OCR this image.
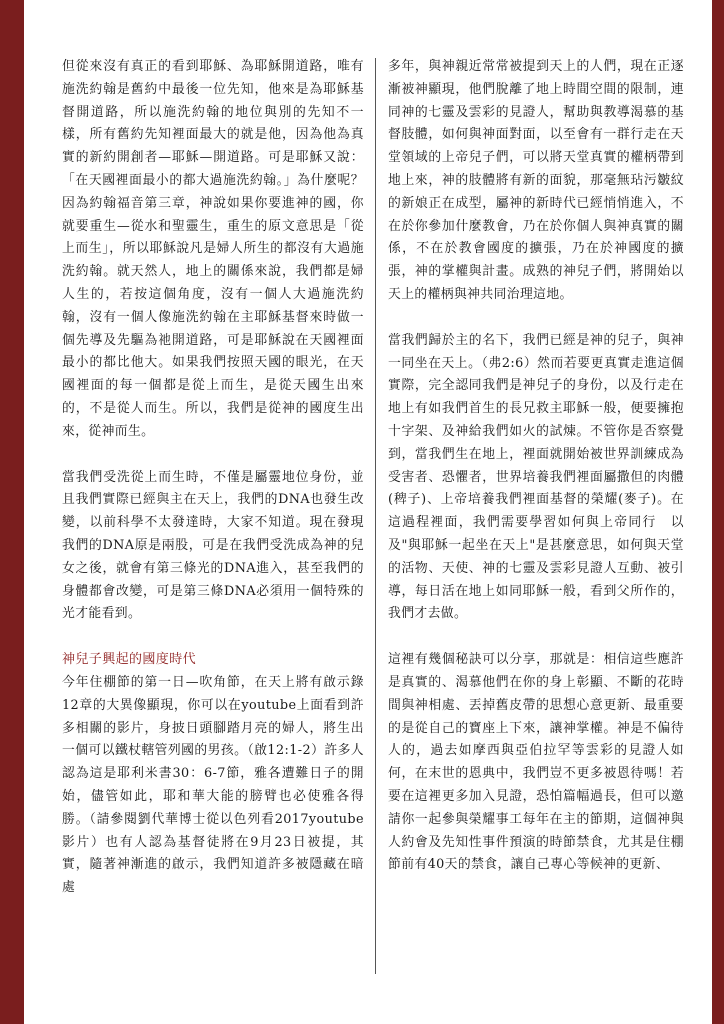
但從來沒有真正的看到耶穌、為耶穌開道路，唯有施洗約翰是舊約中最後一位先知，他來是為耶穌基督開道路，所以施洗約翰的地位與別的先知不一樣，所有舊約先知裡面最大的就是他，因為他為真實的新約開創者—耶穌—開道路。可是耶穌又說：「在天國裡面最小的都大過施洗約翰。」為什麼呢？因為約翰福音第三章，神說如果你要進神的國，你就要重生—從水和聖靈生，重生的原文意思是「從上而生」，所以耶穌說凡是婦人所生的都沒有大過施洗約翰。就天然人，地上的關係來說，我們都是婦人生的，若按這個角度，沒有一個人大過施洗約翰，沒有一個人像施洗約翰在主耶穌基督來時做一個先導及先驅為祂開道路，可是耶穌說在天國裡面最小的都比他大。如果我們按照天國的眼光，在天國裡面的每一個都是從上而生，是從天國生出來的，不是從人而生。所以，我們是從神的國度生出來，從神而生。

當我們受洗從上而生時，不僅是屬靈地位身份，並且我們實際已經與主在天上，我們的DNA也發生改變，以前科學不太發達時，大家不知道。現在發現我們的DNA原是兩股，可是在我們受洗成為神的兒女之後，就會有第三條光的DNA進入，甚至我們的身體都會改變，可是第三條DNA必須用一個特殊的光才能看到。

神兒子興起的國度時代

今年住棚節的第一日—吹角節，在天上將有啟示錄12章的大異像顯現，你可以在youtube上面看到許多相關的影片，身披日頭腳踏月亮的婦人，將生出一個可以鐵杖轄管列國的男孩。（啟12:1-2）許多人認為這是耶利米書30：6-7節，雅各遭難日子的開始，儘管如此，耶和華大能的膀臂也必使雅各得勝。（請參閱劉代華博士從以色列看2017youtube影片）也有人認為基督徒將在9月23日被提，其實，隨著神漸進的啟示，我們知道許多被隱藏在暗處

多年，與神親近常常被提到天上的人們，現在正逐漸被神顯現，他們脫離了地上時間空間的限制，連同神的七靈及雲彩的見證人，幫助與教導渴慕的基督肢體，如何與神面對面，以至會有一群行走在天堂領域的上帝兒子們，可以將天堂真實的權柄帶到地上來，神的肢體將有新的面貌，那毫無玷污皺紋的新娘正在成型，屬神的新時代已經悄悄進入，不在於你參加什麼教會，乃在於你個人與神真實的關係，不在於教會國度的擴張，乃在於神國度的擴張，神的掌權與計畫。成熟的神兒子們，將開始以天上的權柄與神共同治理這地。

當我們歸於主的名下，我們已經是神的兒子，與神一同坐在天上。（弗2:6）然而若要更真實走進這個實際，完全認同我們是神兒子的身份，以及行走在地上有如我們首生的長兄救主耶穌一般，便要擁抱十字架、及神給我們如火的試煉。不管你是否察覺到，當我們生在地上，裡面就開始被世界訓練成為受害者、恐懼者，世界培養我們裡面屬撒但的肉體(稗子)、上帝培養我們裡面基督的榮耀(麥子)。在這過程裡面，我們需要學習如何與上帝同行　以及"與耶穌一起坐在天上"是甚麼意思，如何與天堂的活物、天使、神的七靈及雲彩見證人互動、被引導，每日活在地上如同耶穌一般，看到父所作的，我們才去做。

這裡有幾個秘訣可以分享，那就是：相信這些應許是真實的、渴慕他們在你的身上彰顯、不斷的花時間與神相處、丟掉舊皮帶的思想心意更新、最重要的是從自己的寶座上下來，讓神掌權。神是不偏待人的，過去如摩西與亞伯拉罕等雲彩的見證人如何，在末世的恩典中，我們豈不更多被恩待嗎！若要在這裡更多加入見證，恐怕篇幅過長，但可以邀請你一起參與榮耀事工每年在主的節期，這個神與人約會及先知性事件預演的時節禁食，尤其是住棚節前有40天的禁食，讓自己專心等候神的更新、
